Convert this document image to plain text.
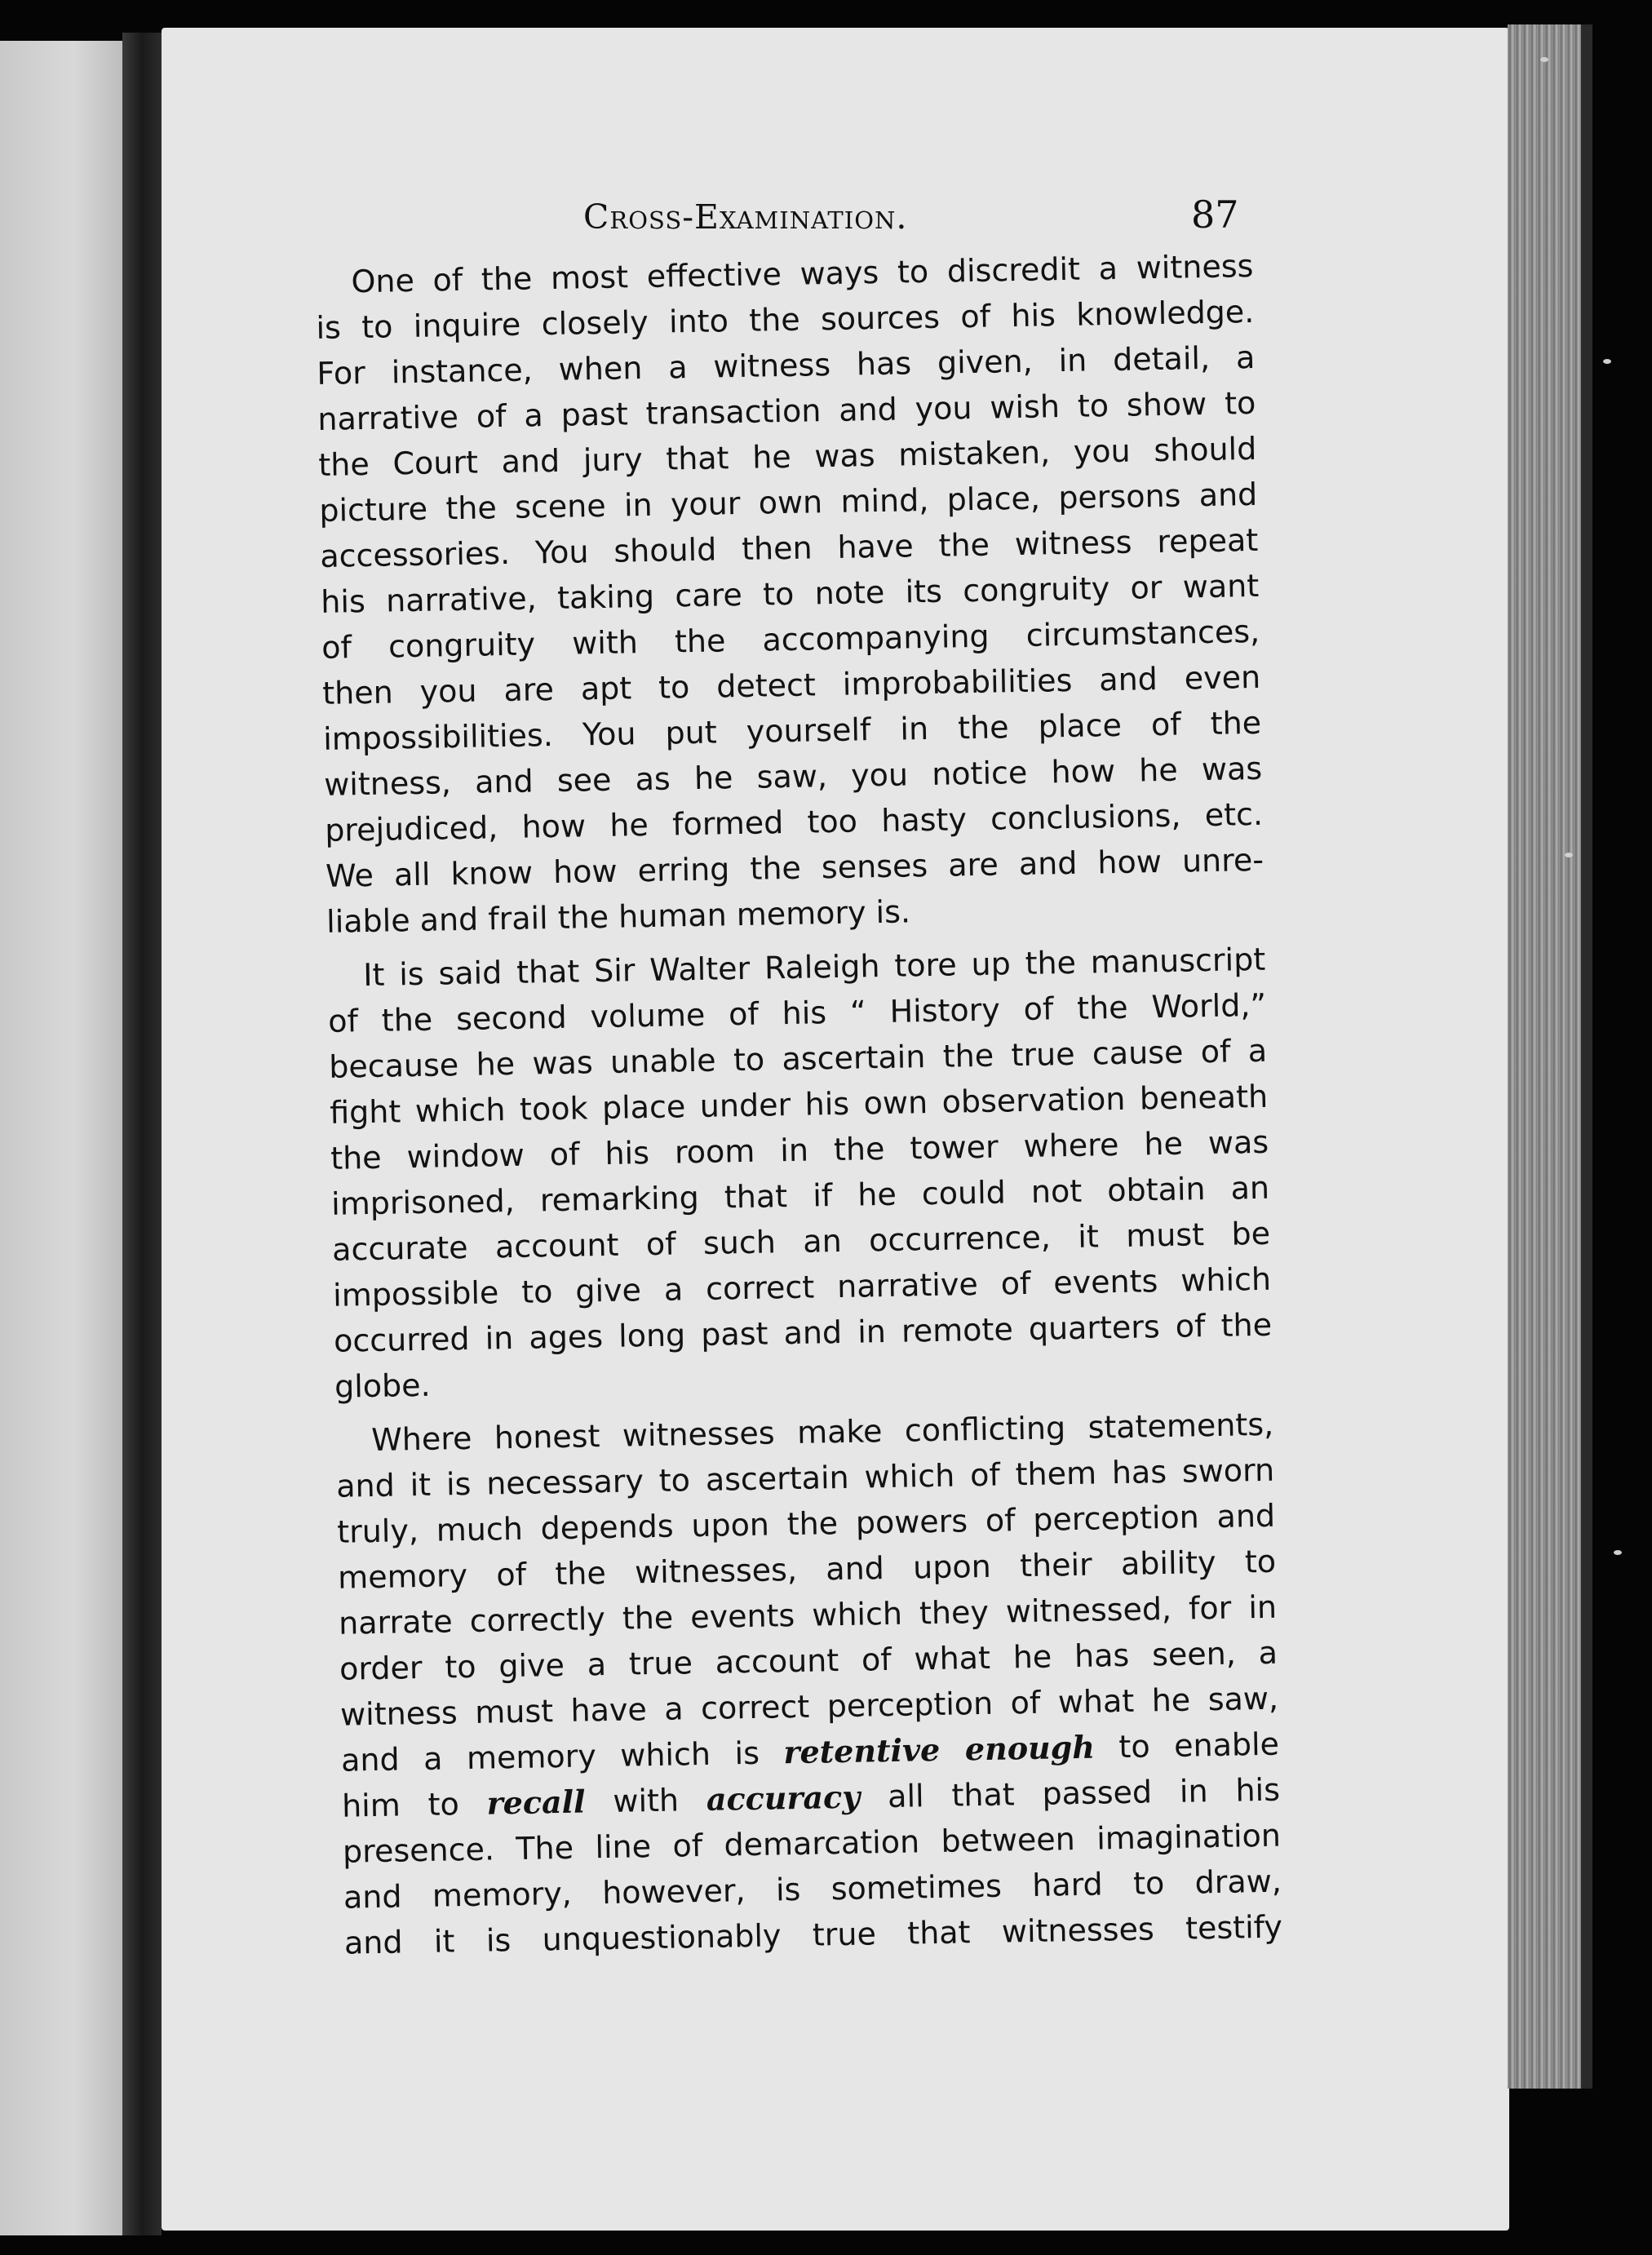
Cross-Examination.	87
One of the most effective ways to discredit a witness
is to inquire closely into the sources of his knowledge.
For instance, when a witness has given, in detail, a
narrative of a past transaction and you wish to show to
the Court and jury that he was mistaken, you should
picture the scene in your own mind, place, persons and
accessories. You should then have the witness repeat
his narrative, taking care to note its congruity or want
of congruity with the accompanying circumstances,
then you are apt to detect improbabilities and even
impossibilities. You put yourself in the place of the
witness, and see as he saw, you notice how he was
prejudiced, how he formed too hasty conclusions, etc.
We all know how erring the senses are and how unre-
liable and frail the human memory is.
It is said that Sir Walter Raleigh tore up the manuscript
of the second volume of his “ History of the World,”
because he was unable to ascertain the true cause of a
fight which took place under his own observation beneath
the window of his room in the tower where he was
imprisoned, remarking that if he could not obtain an
accurate account of such an occurrence, it must be
impossible to give a correct narrative of events which
occurred in ages long past and in remote quarters of the
globe.
Where honest witnesses make conflicting statements,
and it is necessary to ascertain which of them has sworn
truly, much depends upon the powers of perception and
memory of the witnesses, and upon their ability to
narrate correctly the events which they witnessed, for in
order to give a true account of what he has seen, a
witness must have a correct perception of what he saw,
and a memory which is retentive enough to enable
him to recall with accuracy all that passed in his
presence. The line of demarcation between imagination
and memory, however, is sometimes hard to draw,
and it is unquestionably true that witnesses testify
